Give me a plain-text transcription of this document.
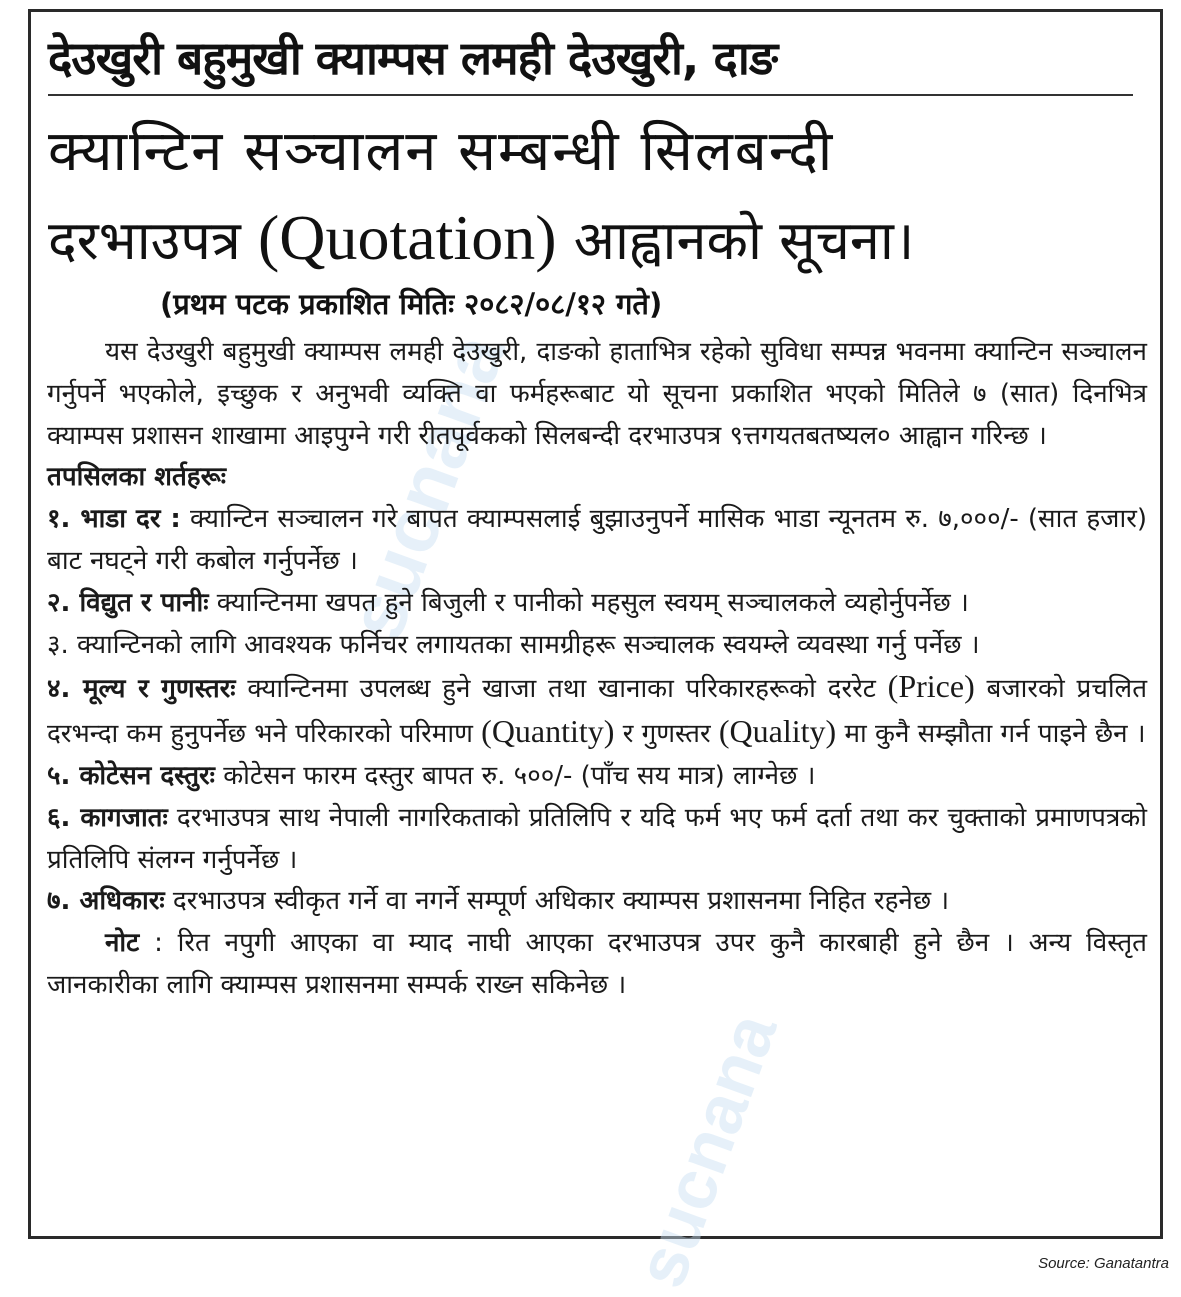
sucnana
sucnana
देउखुरी बहुमुखी क्याम्पस लमही देउखुरी, दाङ
क्यान्टिन सञ्चालन सम्बन्धी सिलबन्दी
दरभाउपत्र (Quotation) आह्वानको सूचना।
(प्रथम पटक प्रकाशित मितिः २०८२/०८/१२ गते)

यस देउखुरी बहुमुखी क्याम्पस लमही देउखुरी, दाङको हाताभित्र रहेको सुविधा सम्पन्न भवनमा क्यान्टिन सञ्चालन गर्नुपर्ने भएकोले, इच्छुक र अनुभवी व्यक्ति वा फर्महरूबाट यो सूचना प्रकाशित भएको मितिले ७ (सात) दिनभित्र क्याम्पस प्रशासन शाखामा आइपुग्ने गरी रीतपूर्वकको सिलबन्दी दरभाउपत्र ९त्तगयतबतष्यल० आह्वान गरिन्छ ।

तपसिलका शर्तहरूः

१. भाडा दर : क्यान्टिन सञ्चालन गरे बापत क्याम्पसलाई बुझाउनुपर्ने मासिक भाडा न्यूनतम रु. ७,०००/- (सात हजार) बाट नघट्ने गरी कबोल गर्नुपर्नेछ ।

२. विद्युत र पानीः क्यान्टिनमा खपत हुने बिजुली र पानीको महसुल स्वयम् सञ्चालकले व्यहोर्नुपर्नेछ ।

३. क्यान्टिनको लागि आवश्यक फर्निचर लगायतका सामग्रीहरू सञ्चालक स्वयम्ले व्यवस्था गर्नु पर्नेछ ।

४. मूल्य र गुणस्तरः क्यान्टिनमा उपलब्ध हुने खाजा तथा खानाका परिकारहरूको दररेट (Price) बजारको प्रचलित दरभन्दा कम हुनुपर्नेछ भने परिकारको परिमाण (Quantity) र गुणस्तर (Quality) मा कुनै सम्झौता गर्न पाइने छैन ।

५. कोटेसन दस्तुरः कोटेसन फारम दस्तुर बापत रु. ५००/- (पाँच सय मात्र) लाग्नेछ ।

६. कागजातः दरभाउपत्र साथ नेपाली नागरिकताको प्रतिलिपि र यदि फर्म भए फर्म दर्ता तथा कर चुक्ताको प्रमाणपत्रको प्रतिलिपि संलग्न गर्नुपर्नेछ ।

७. अधिकारः दरभाउपत्र स्वीकृत गर्ने वा नगर्ने सम्पूर्ण अधिकार क्याम्पस प्रशासनमा निहित रहनेछ ।

नोट : रित नपुगी आएका वा म्याद नाघी आएका दरभाउपत्र उपर कुनै कारबाही हुने छैन । अन्य विस्तृत जानकारीका लागि क्याम्पस प्रशासनमा सम्पर्क राख्न सकिनेछ ।

Source: Ganatantra
